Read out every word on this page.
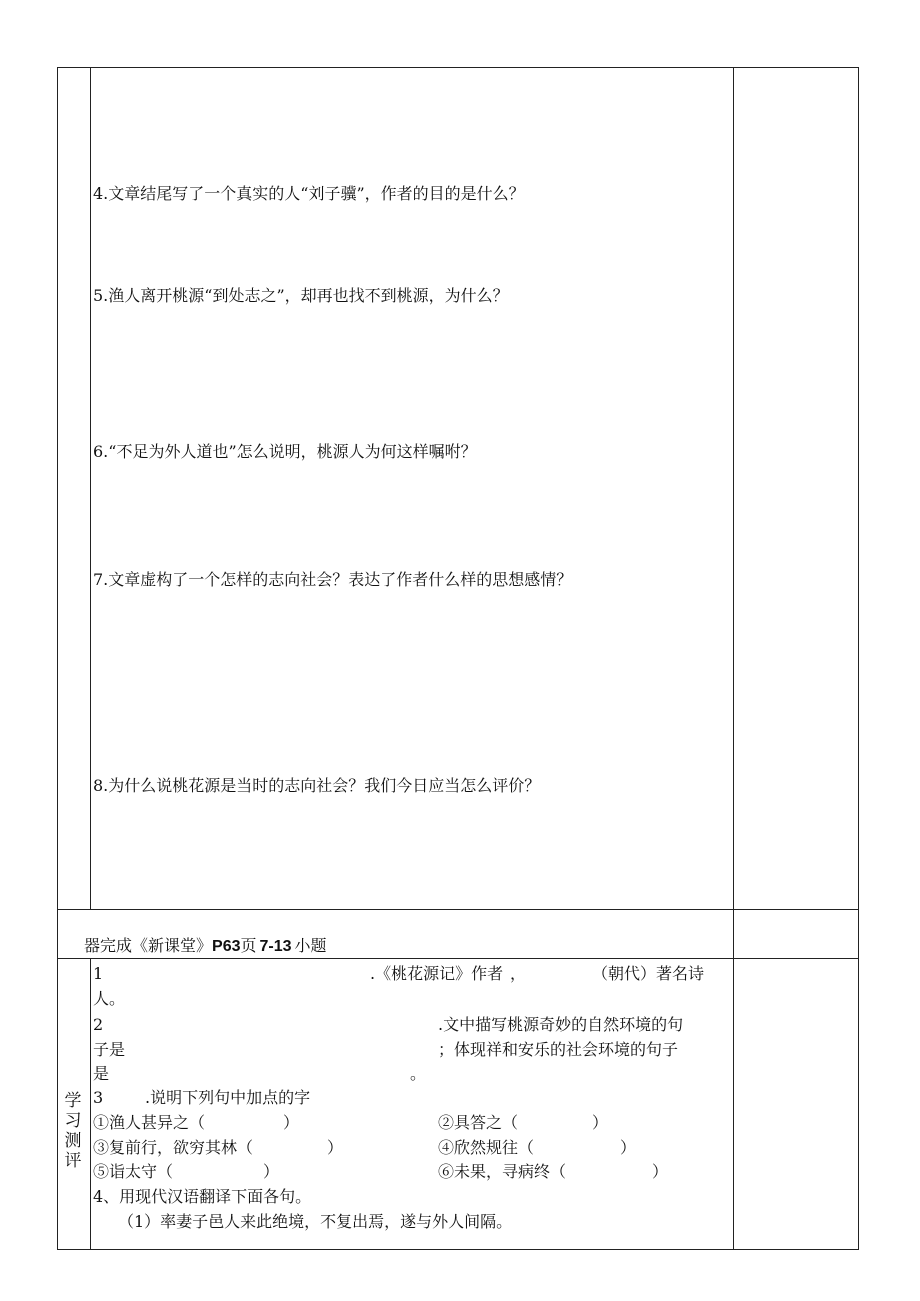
4.文章结尾写了一个真实的人“刘子骥”，作者的目的是什么？
5.渔人离开桃源“到处志之”，却再也找不到桃源，为什么？
6.“不足为外人道也”怎么说明，桃源人为何这样嘱咐？
7.文章虚构了一个怎样的志向社会？表达了作者什么样的思想感情？
8.为什么说桃花源是当时的志向社会？我们今日应当怎么评价？
器完成《新课堂》P63页 7-13 小题
学习测评
1	.《桃花源记》作者 ，	（朝代）著名诗
人。
2	.文中描写桃源奇妙的自然环境的句
子是	；体现祥和安乐的社会环境的句子
是	。
3	.说明下列句中加点的字
①渔人甚异之（	）	②具答之（	）
③复前行，欲穷其林（	）	④欣然规往（	）
⑤诣太守（	）	⑥未果，寻病终（	）
4、用现代汉语翻译下面各句。
（1）率妻子邑人来此绝境，不复出焉，遂与外人间隔。
